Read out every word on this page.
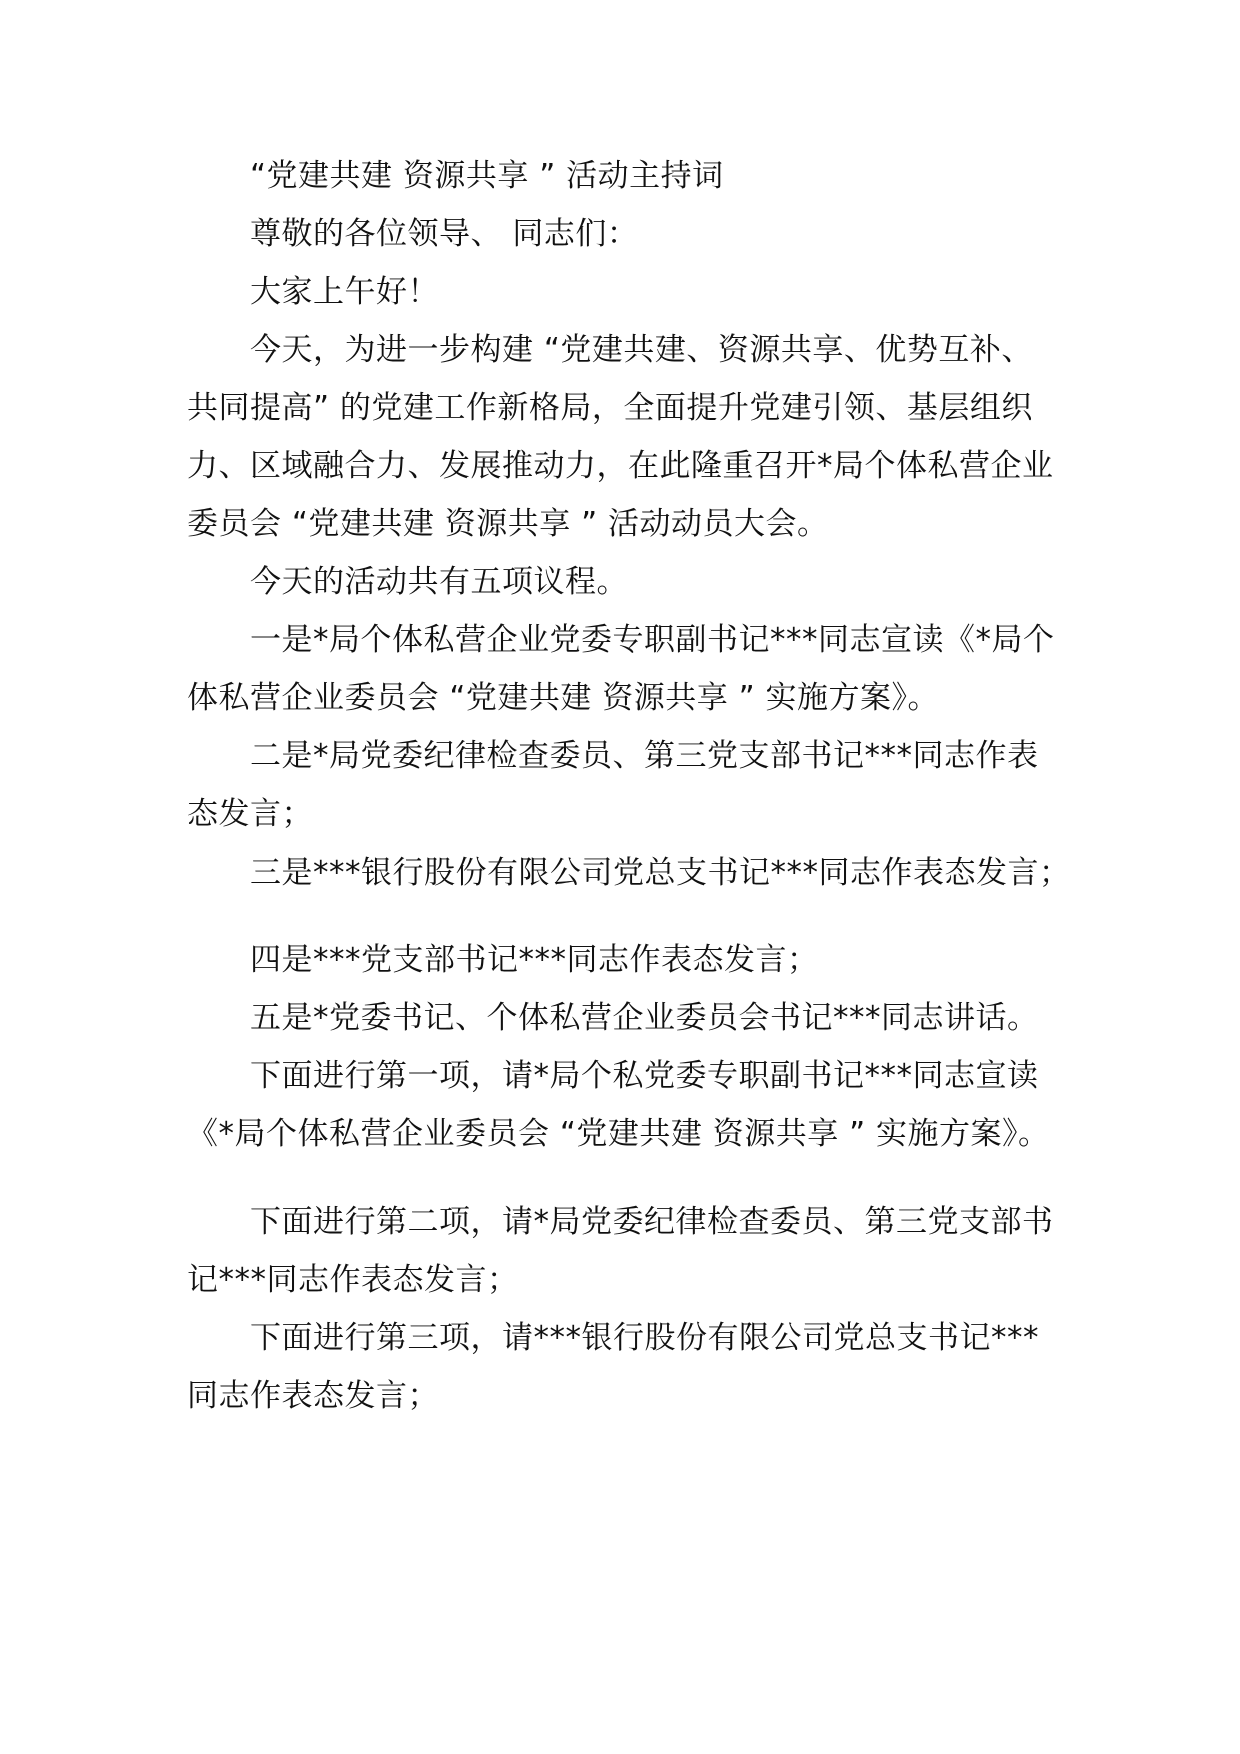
“党建共建 资源共享 ” 活动主持词
尊敬的各位领导、 同志们：
大家上午好！
今天，为进一步构建 “党建共建、资源共享、优势互补、
共同提高” 的党建工作新格局，全面提升党建引领、基层组织
力、区域融合力、发展推动力，在此隆重召开*局个体私营企业
委员会 “党建共建 资源共享 ” 活动动员大会。
今天的活动共有五项议程。
一是*局个体私营企业党委专职副书记***同志宣读《*局个
体私营企业委员会 “党建共建 资源共享 ” 实施方案》。
二是*局党委纪律检查委员、第三党支部书记***同志作表
态发言；
三是***银行股份有限公司党总支书记***同志作表态发言；
四是***党支部书记***同志作表态发言；
五是*党委书记、个体私营企业委员会书记***同志讲话。
下面进行第一项，请*局个私党委专职副书记***同志宣读
《*局个体私营企业委员会 “党建共建 资源共享 ” 实施方案》。
下面进行第二项，请*局党委纪律检查委员、第三党支部书
记***同志作表态发言；
下面进行第三项，请***银行股份有限公司党总支书记***
同志作表态发言；
